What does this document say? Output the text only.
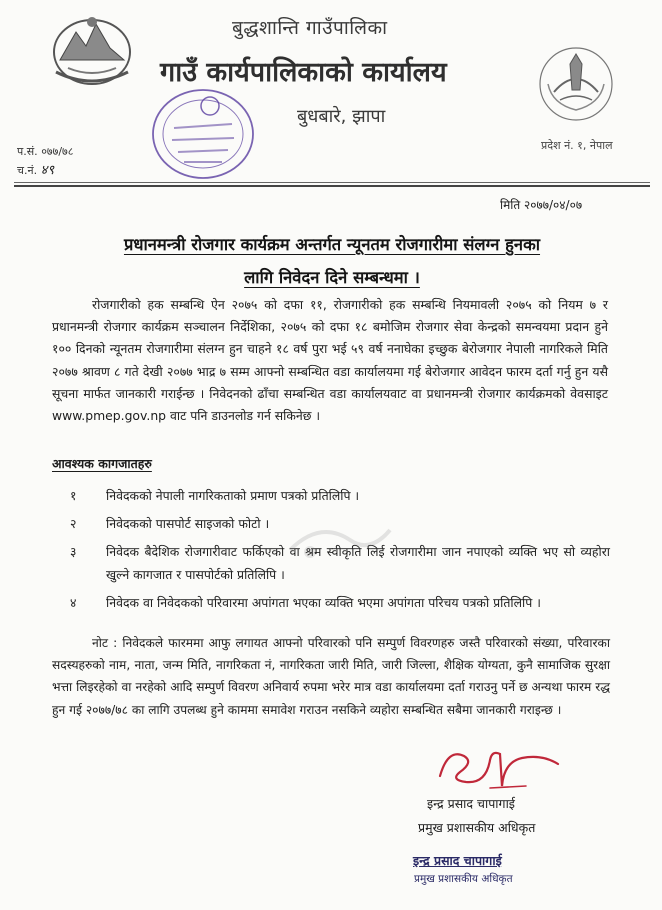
बुद्धशान्ति गाउँपालिका
गाउँ कार्यपालिकाको कार्यालय
बुधबारे, झापा
प्रदेश नं. १, नेपाल
प.सं. ०७७/७८
च.नं. ४९
मिति २०७७/०४/०७
प्रधानमन्त्री रोजगार कार्यक्रम अन्तर्गत न्यूनतम रोजगारीमा संलग्न हुनका
लागि निवेदन दिने सम्बन्धमा ।
रोजगारीको हक सम्बन्धि ऐन २०७५ को दफा ११, रोजगारीको हक सम्बन्धि नियमावली २०७५ को नियम ७ र प्रधानमन्त्री रोजगार कार्यक्रम सञ्चालन निर्देशिका, २०७५ को दफा १८ बमोजिम रोजगार सेवा केन्द्रको समन्वयमा प्रदान हुने १०० दिनको न्यूनतम रोजगारीमा संलग्न हुन चाहने १८ वर्ष पुरा भई ५९ वर्ष ननाघेका इच्छुक बेरोजगार नेपाली नागरिकले मिति २०७७ श्रावण ८ गते देखी २०७७ भाद्र ७ सम्म आफ्नो सम्बन्धित वडा कार्यालयमा गई बेरोजगार आवेदन फारम दर्ता गर्नु हुन यसै सूचना मार्फत जानकारी गराईन्छ । निवेदनको ढाँचा सम्बन्धित वडा कार्यालयवाट वा प्रधानमन्त्री रोजगार कार्यक्रमको वेवसाइट www.pmep.gov.np वाट पनि डाउनलोड गर्न सकिनेछ ।
आवश्यक कागजातहरु
१	निवेदकको नेपाली नागरिकताको प्रमाण पत्रको प्रतिलिपि ।
२	निवेदकको पासपोर्ट साइजको फोटो ।
३	निवेदक बैदेशिक रोजगारीवाट फर्किएको वा श्रम स्वीकृति लिई रोजगारीमा जान नपाएको व्यक्ति भए सो व्यहोरा खुल्ने कागजात र पासपोर्टको प्रतिलिपि ।
४	निवेदक वा निवेदकको परिवारमा अपांगता भएका व्यक्ति भएमा अपांगता परिचय पत्रको प्रतिलिपि ।
नोट : निवेदकले फारममा आफु लगायत आफ्नो परिवारको पनि सम्पुर्ण विवरणहरु जस्तै परिवारको संख्या, परिवारका सदस्यहरुको नाम, नाता, जन्म मिति, नागरिकता नं, नागरिकता जारी मिति, जारी जिल्ला, शैक्षिक योग्यता, कुनै सामाजिक सुरक्षा भत्ता लिइरहेको वा नरहेको आदि सम्पुर्ण विवरण अनिवार्य रुपमा भरेर मात्र वडा कार्यालयमा दर्ता गराउनु पर्ने छ अन्यथा फारम रद्ध हुन गई २०७७/७८ का लागि उपलब्ध हुने काममा समावेश गराउन नसकिने व्यहोरा सम्बन्धित सबैमा जानकारी गराइन्छ ।
इन्द्र प्रसाद चापागाई
प्रमुख प्रशासकीय अधिकृत
इन्द्र प्रसाद चापागाई
प्रमुख प्रशासकीय अधिकृत
